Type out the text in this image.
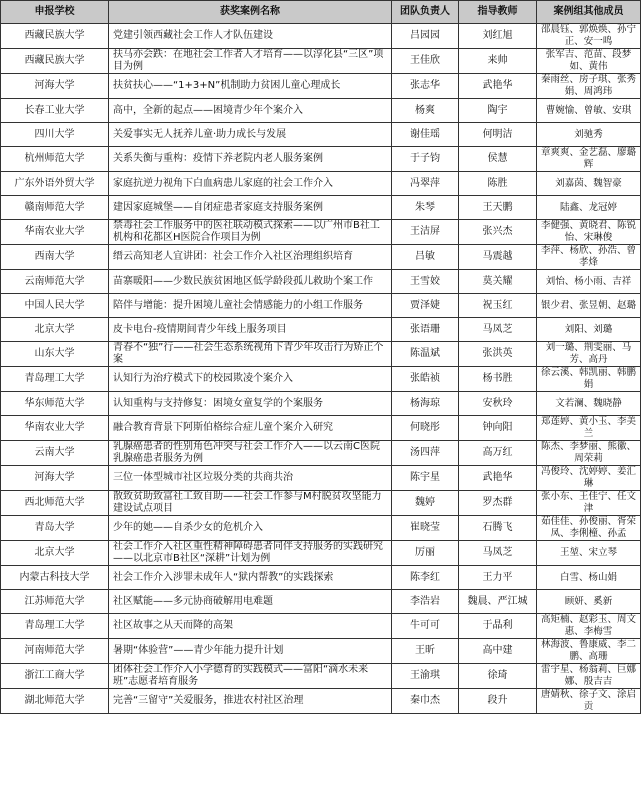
申报学校	获奖案例名称	团队负责人	指导教师	案例组其他成员
西藏民族大学	党建引领西藏社会工作人才队伍建设	吕园园	刘红旭	邵晨钰、郭焕焕、孙宁正、安一鸣
西藏民族大学	扶马亦会跌：在地社会工作者人才培育——以淳化县“三区”项目为例	王佳欣	来帅	张军吉、范苗、段梦如、黄伟
河海大学	扶贫扶心——“1+3+N”机制助力贫困儿童心理成长	张志华	武艳华	秦雨丝、房子琪、张秀娟、周鸿玮
长春工业大学	高中，全新的起点——困境青少年个案介入	杨爽	陶宇	曹婉愉、曾敏、安琪
四川大学	关爱事实无人抚养儿童·助力成长与发展	谢佳瑶	何明洁	刘驰秀
杭州师范大学	关系失衡与重构：疫情下养老院内老人服务案例	于子钧	侯慧	章爽爽、金艺磊、廖璐辉
广东外语外贸大学	家庭抗逆力视角下白血病患儿家庭的社会工作介入	冯翠萍	陈胜	刘嘉茵、魏智豪
赣南师范大学	建因家庭城堡——自闭症患者家庭支持服务案例	朱琴	王天鹏	陆鑫、龙冠婷
华南农业大学	禁毒社会工作服务中的医社联动模式探索——以广州市B社工机构和花都区H医院合作项目为例	王洁屏	张兴杰	李健强、黄晓君、陈锐怡、宋琳俊
西南大学	缙云高知老人宜讲团：社会工作介入社区治理组织培育	吕敏	马震越	李萍、杨欣、孙浩、曾孝烽
云南师范大学	苗寨暖阳——少数民族贫困地区低学龄段孤儿救助个案工作	王雪姣	莫关耀	刘怡、杨小雨、吉祥
中国人民大学	陪伴与增能：提升困境儿童社会情感能力的小组工作服务	贾泽婕	祝玉红	银少君、张昱朝、赵璐
北京大学	皮卡电台-疫情期间青少年线上服务项目	张语珊	马凤芝	刘阳、刘璐
山东大学	青春不“独”行——社会生态系统视角下青少年攻击行为矫正个案	陈温斌	张洪英	刘一璐、荆雯丽、马芳、高丹
青岛理工大学	认知行为治疗模式下的校园欺凌个案介入	张皓祯	杨书胜	徐云溪、韩凯丽、韩鹏娟
华东师范大学	认知重构与支持修复：困境女童复学的个案服务	杨海琼	安秋玲	文若澜、魏晓静
华南农业大学	融合教育背景下阿斯伯格综合症儿童个案介入研究	何晓彤	钟向阳	郑莲婷、黄小玉、李美兰
云南大学	乳腺癌患者的性别角色冲突与社会工作介入——以云南C医院乳腺癌患者服务为例	汤四萍	高万红	陈杰、李梦丽、熊徽、周荣莉
河海大学	三位一体型城市社区垃圾分类的共商共治	陈宇星	武艳华	冯俊玲、沈婷婷、姜汇琳
西北师范大学	散致贫助致富社工致自助——社会工作参与M村脱贫攻坚能力建设试点项目	魏婷	罗杰群	张小东、王佳宁、任文津
青岛大学	少年的她——自杀少女的危机介入	崔晓莹	石腾飞	茹佳佳、孙俊丽、胥荣凤、李俐橦、孙孟
北京大学	社会工作介入社区重性精神障碍患者同伴支持服务的实践研究——以北京市B社区“深耕”计划为例	厉丽	马凤芝	王堃、宋立琴
内蒙古科技大学	社会工作介入涉罪未成年人“狱内帮教”的实践探索	陈李红	王力平	白雪、杨山娟
江苏师范大学	社区赋能——多元协商破解用电难题	李浩岩	魏晨、严江城	顾妍、奚新
青岛理工大学	社区故事之从天而降的高架	牛可可	于晶利	高矩楠、赵彩玉、周文惠、李梅雪
河南师范大学	暑期“体验营”——青少年能力提升计划	王昕	高中建	林海波、鲁康威、李二鹏、高珊
浙江工商大学	团体社会工作介入小学德育的实践模式——富阳“滴水未来班”志愿者培育服务	王渝琪	徐琦	雷宇星、杨翁莉、巨娜娜、殷吉吉
湖北师范大学	完善“三留守”关爱服务，推进农村社区治理	秦巾杰	段升	唐婧秋、徐子文、涂启贡
